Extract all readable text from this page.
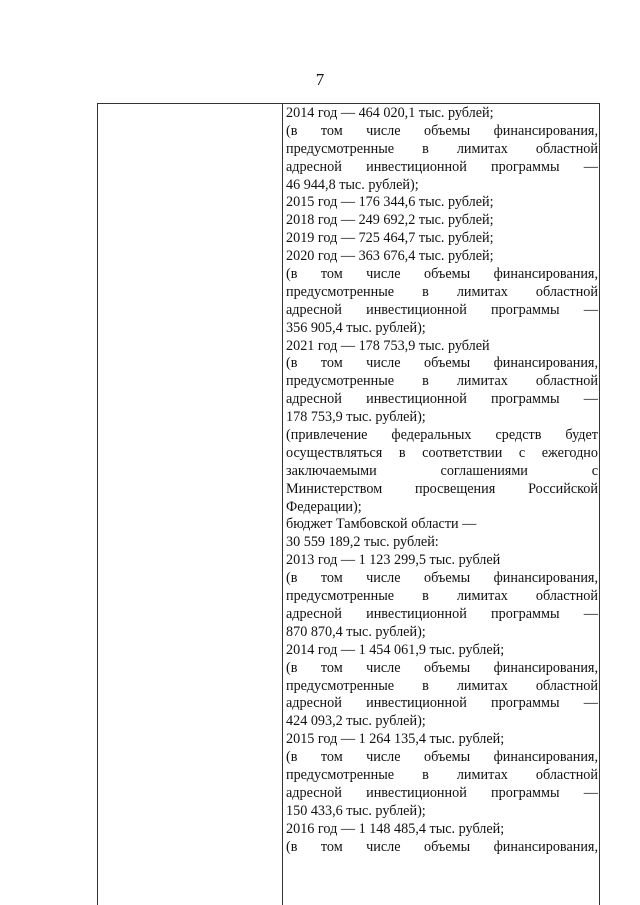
7
2014 год — 464 020,1 тыс. рублей;
(в том числе объемы финансирования,
предусмотренные в лимитах областной
адресной инвестиционной программы —
46 944,8 тыс. рублей);
2015 год — 176 344,6 тыс. рублей;
2018 год — 249 692,2 тыс. рублей;
2019 год — 725 464,7 тыс. рублей;
2020 год — 363 676,4 тыс. рублей;
(в том числе объемы финансирования,
предусмотренные в лимитах областной
адресной инвестиционной программы —
356 905,4 тыс. рублей);
2021 год — 178 753,9 тыс. рублей
(в том числе объемы финансирования,
предусмотренные в лимитах областной
адресной инвестиционной программы —
178 753,9 тыс. рублей);
(привлечение федеральных средств будет
осуществляться в соответствии с ежегодно
заключаемыми соглашениями с
Министерством просвещения Российской
Федерации);
бюджет Тамбовской области —
30 559 189,2 тыс. рублей:
2013 год — 1 123 299,5 тыс. рублей
(в том числе объемы финансирования,
предусмотренные в лимитах областной
адресной инвестиционной программы —
870 870,4 тыс. рублей);
2014 год — 1 454 061,9 тыс. рублей;
(в том числе объемы финансирования,
предусмотренные в лимитах областной
адресной инвестиционной программы —
424 093,2 тыс. рублей);
2015 год — 1 264 135,4 тыс. рублей;
(в том числе объемы финансирования,
предусмотренные в лимитах областной
адресной инвестиционной программы —
150 433,6 тыс. рублей);
2016 год — 1 148 485,4 тыс. рублей;
(в том числе объемы финансирования,
